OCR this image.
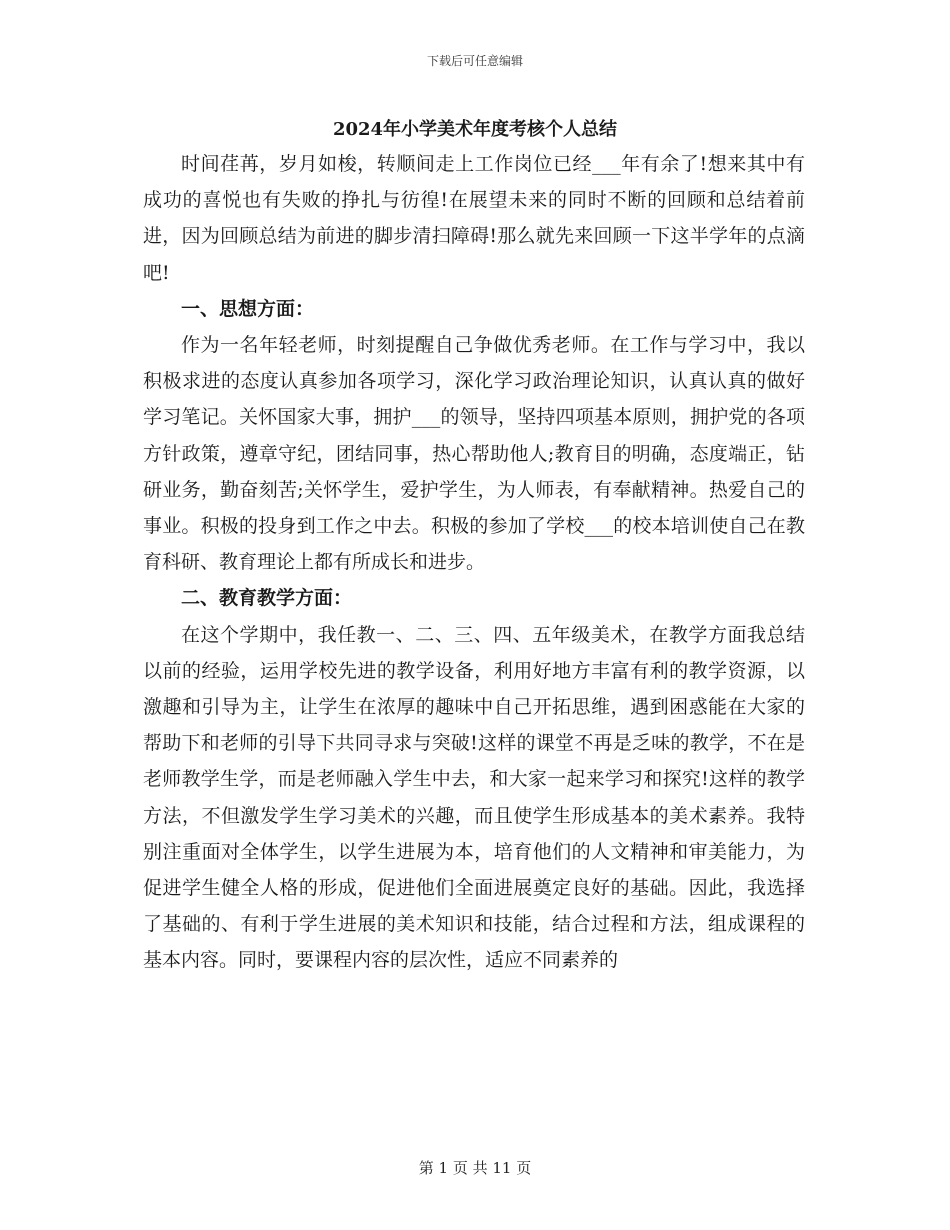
下载后可任意编辑
2024年小学美术年度考核个人总结

时间荏苒，岁月如梭，转顺间走上工作岗位已经___年有余了!想来其中有成功的喜悦也有失败的挣扎与彷徨!在展望未来的同时不断的回顾和总结着前进，因为回顾总结为前进的脚步清扫障碍!那么就先来回顾一下这半学年的点滴吧!

一、思想方面：

作为一名年轻老师，时刻提醒自己争做优秀老师。在工作与学习中，我以积极求进的态度认真参加各项学习，深化学习政治理论知识，认真认真的做好学习笔记。关怀国家大事，拥护___的领导，坚持四项基本原则，拥护党的各项方针政策，遵章守纪，团结同事，热心帮助他人;教育目的明确，态度端正，钻研业务，勤奋刻苦;关怀学生，爱护学生，为人师表，有奉献精神。热爱自己的事业。积极的投身到工作之中去。积极的参加了学校___的校本培训使自己在教育科研、教育理论上都有所成长和进步。

二、教育教学方面：

在这个学期中，我任教一、二、三、四、五年级美术，在教学方面我总结以前的经验，运用学校先进的教学设备，利用好地方丰富有利的教学资源，以激趣和引导为主，让学生在浓厚的趣味中自己开拓思维，遇到困惑能在大家的帮助下和老师的引导下共同寻求与突破!这样的课堂不再是乏味的教学，不在是老师教学生学，而是老师融入学生中去，和大家一起来学习和探究!这样的教学方法，不但激发学生学习美术的兴趣，而且使学生形成基本的美术素养。我特别注重面对全体学生，以学生进展为本，培育他们的人文精神和审美能力，为促进学生健全人格的形成，促进他们全面进展奠定良好的基础。因此，我选择了基础的、有利于学生进展的美术知识和技能，结合过程和方法，组成课程的基本内容。同时，要课程内容的层次性，适应不同素养的

第 1 页 共 11 页
